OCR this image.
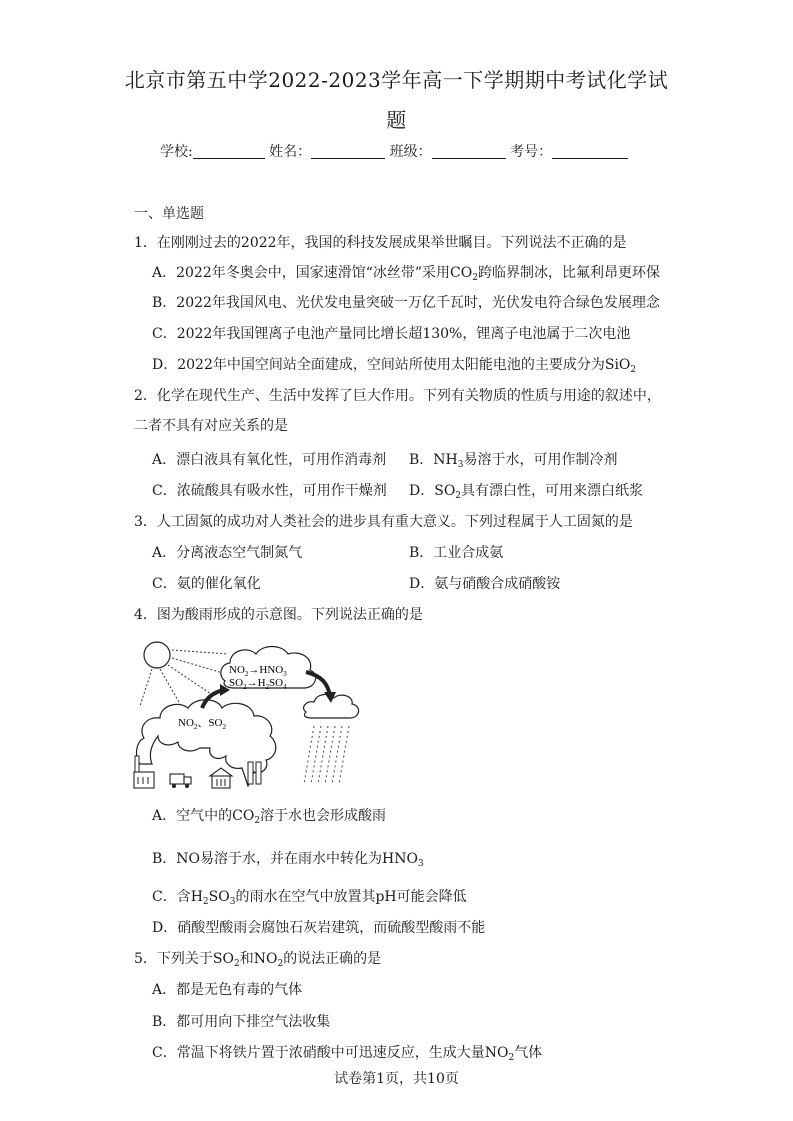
北京市第五中学2022-2023学年高一下学期期中考试化学试
题
学校:	姓名：	班级：	考号：
一、单选题
1．在刚刚过去的2022年，我国的科技发展成果举世瞩目。下列说法不正确的是
A．2022年冬奥会中，国家速滑馆“冰丝带”采用$CO_2$跨临界制冰，比氟利昂更环保
B．2022年我国风电、光伏发电量突破一万亿千瓦时，光伏发电符合绿色发展理念
C．2022年我国锂离子电池产量同比增长超130%，锂离子电池属于二次电池
D．2022年中国空间站全面建成，空间站所使用太阳能电池的主要成分为SiO$_2$
2．化学在现代生产、生活中发挥了巨大作用。下列有关物质的性质与用途的叙述中，
二者不具有对应关系的是
A．漂白液具有氧化性，可用作消毒剂 B．$NH_3$易溶于水，可用作制冷剂
C．浓硫酸具有吸水性，可用作干燥剂 D．$SO_2$具有漂白性，可用来漂白纸浆
3．人工固氮的成功对人类社会的进步具有重大意义。下列过程属于人工固氮的是
A．分离液态空气制氮气	B．工业合成氨
C．氨的催化氧化	D．氨与硝酸合成硝酸铵
4．图为酸雨形成的示意图。下列说法正确的是
$NO_2\to HNO_3$
$SO_2\to H_2SO_4$
$NO_2$、$SO_2$
A．空气中的$CO_2$溶于水也会形成酸雨
B．NO易溶于水，并在雨水中转化为$HNO_3$
C．含$H_2SO_3$的雨水在空气中放置其pH可能会降低
D．硝酸型酸雨会腐蚀石灰岩建筑，而硫酸型酸雨不能
5．下列关于$SO_2$和$NO_2$的说法正确的是
A．都是无色有毒的气体
B．都可用向下排空气法收集
C．常温下将铁片置于浓硝酸中可迅速反应，生成大量$NO_2$气体
试卷第1页，共10页
